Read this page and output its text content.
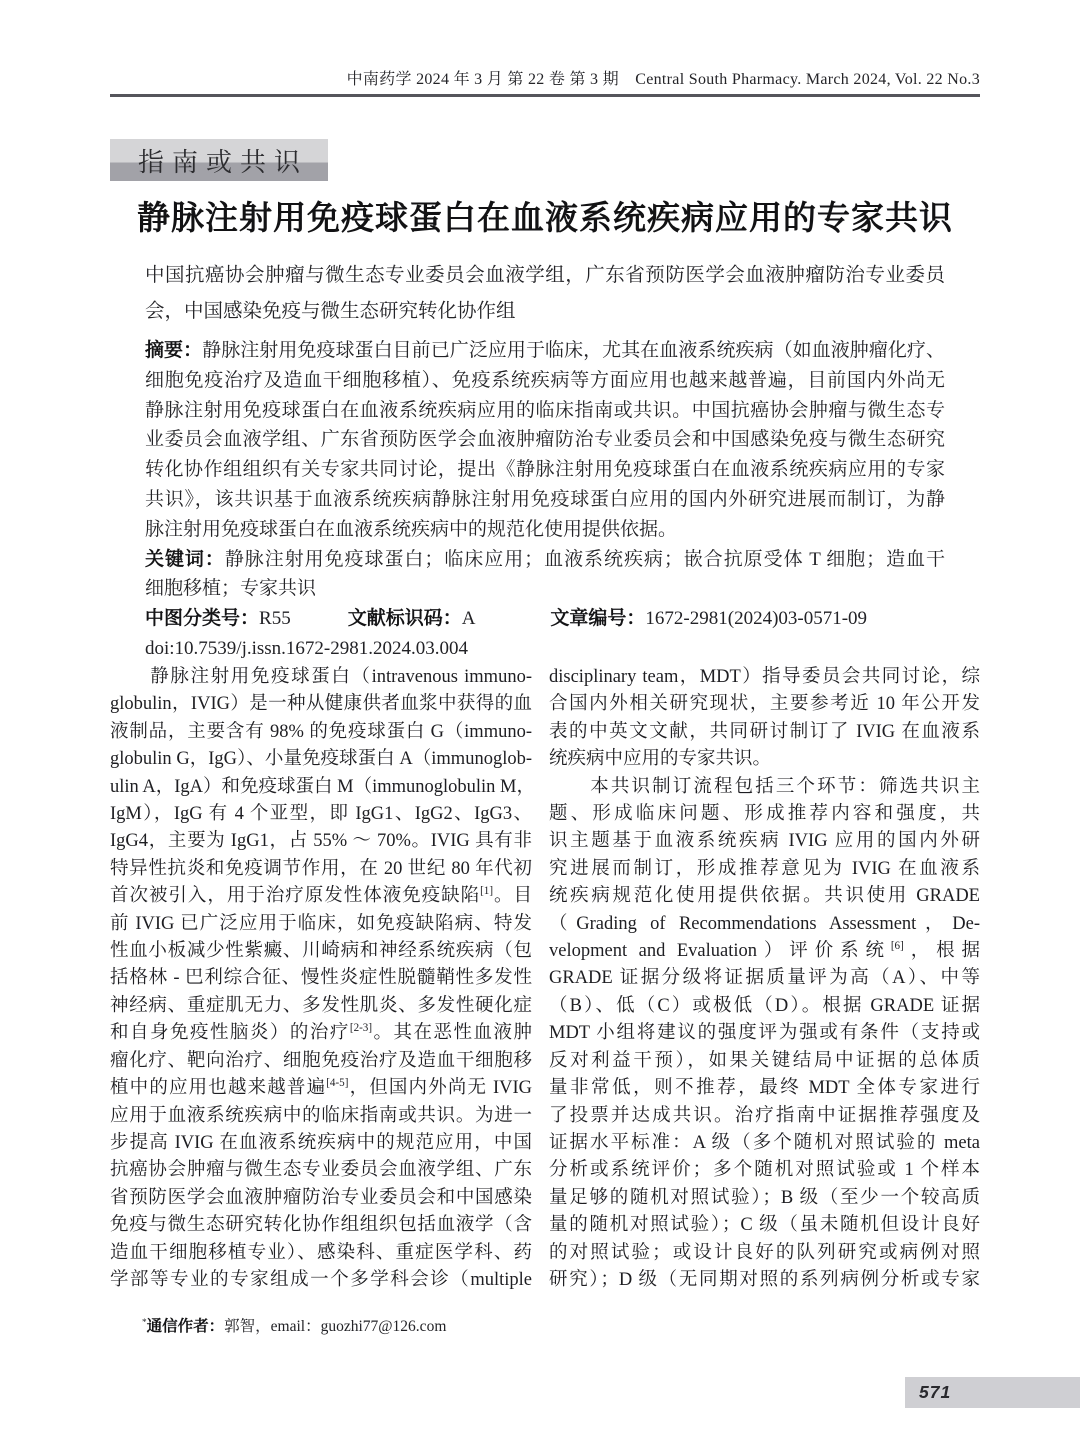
中南药学 2024 年 3 月 第 22 卷 第 3 期　Central South Pharmacy. March 2024, Vol. 22 No.3
指南或共识
静脉注射用免疫球蛋白在血液系统疾病应用的专家共识
中国抗癌协会肿瘤与微生态专业委员会血液学组，广东省预防医学会血液肿瘤防治专业委员
会，中国感染免疫与微生态研究转化协作组
摘要：静脉注射用免疫球蛋白目前已广泛应用于临床，尤其在血液系统疾病（如血液肿瘤化疗、
细胞免疫治疗及造血干细胞移植）、免疫系统疾病等方面应用也越来越普遍，目前国内外尚无
静脉注射用免疫球蛋白在血液系统疾病应用的临床指南或共识。中国抗癌协会肿瘤与微生态专
业委员会血液学组、广东省预防医学会血液肿瘤防治专业委员会和中国感染免疫与微生态研究
转化协作组组织有关专家共同讨论，提出《静脉注射用免疫球蛋白在血液系统疾病应用的专家
共识》，该共识基于血液系统疾病静脉注射用免疫球蛋白应用的国内外研究进展而制订，为静
脉注射用免疫球蛋白在血液系统疾病中的规范化使用提供依据。
关键词：静脉注射用免疫球蛋白；临床应用；血液系统疾病；嵌合抗原受体 T 细胞；造血干
细胞移植；专家共识
中图分类号：R55　　　文献标识码：A　　　　文章编号：1672-2981(2024)03-0571-09
doi:10.7539/j.issn.1672-2981.2024.03.004
　　静脉注射用免疫球蛋白（intravenous immuno-
globulin，IVIG）是一种从健康供者血浆中获得的血
液制品，主要含有 98% 的免疫球蛋白 G（immuno-
globulin G，IgG）、小量免疫球蛋白 A（immunoglob-
ulin A，IgA）和免疫球蛋白 M（immunoglobulin M，
IgM），IgG 有 4 个亚型，即 IgG1、IgG2、IgG3、
IgG4，主要为 IgG1，占 55% ～ 70%。IVIG 具有非
特异性抗炎和免疫调节作用，在 20 世纪 80 年代初
首次被引入，用于治疗原发性体液免疫缺陷[1]。目
前 IVIG 已广泛应用于临床，如免疫缺陷病、特发
性血小板减少性紫癜、川崎病和神经系统疾病（包
括格林 - 巴利综合征、慢性炎症性脱髓鞘性多发性
神经病、重症肌无力、多发性肌炎、多发性硬化症
和自身免疫性脑炎）的治疗[2-3]。其在恶性血液肿
瘤化疗、靶向治疗、细胞免疫治疗及造血干细胞移
植中的应用也越来越普遍[4-5]，但国内外尚无 IVIG
应用于血液系统疾病中的临床指南或共识。为进一
步提高 IVIG 在血液系统疾病中的规范应用，中国
抗癌协会肿瘤与微生态专业委员会血液学组、广东
省预防医学会血液肿瘤防治专业委员会和中国感染
免疫与微生态研究转化协作组组织包括血液学（含
造血干细胞移植专业）、感染科、重症医学科、药
学部等专业的专家组成一个多学科会诊（multiple
disciplinary team，MDT）指导委员会共同讨论，综
合国内外相关研究现状，主要参考近 10 年公开发
表的中英文文献，共同研讨制订了 IVIG 在血液系
统疾病中应用的专家共识。
　　本共识制订流程包括三个环节：筛选共识主
题、形成临床问题、形成推荐内容和强度，共
识主题基于血液系统疾病 IVIG 应用的国内外研
究进展而制订，形成推荐意见为 IVIG 在血液系
统疾病规范化使用提供依据。共识使用 GRADE
（Grading of Recommendations Assessment，De-
velopment and Evaluation）评价系统[6]，根据
GRADE 证据分级将证据质量评为高（A）、中等
（B）、低（C）或极低（D）。根据 GRADE 证据
MDT 小组将建议的强度评为强或有条件（支持或
反对利益干预），如果关键结局中证据的总体质
量非常低，则不推荐，最终 MDT 全体专家进行
了投票并达成共识。治疗指南中证据推荐强度及
证据水平标准：A 级（多个随机对照试验的 meta
分析或系统评价；多个随机对照试验或 1 个样本
量足够的随机对照试验）；B 级（至少一个较高质
量的随机对照试验）；C 级（虽未随机但设计良好
的对照试验；或设计良好的队列研究或病例对照
研究）；D 级（无同期对照的系列病例分析或专家
*通信作者：郭智，email：guozhi77@126.com
571
